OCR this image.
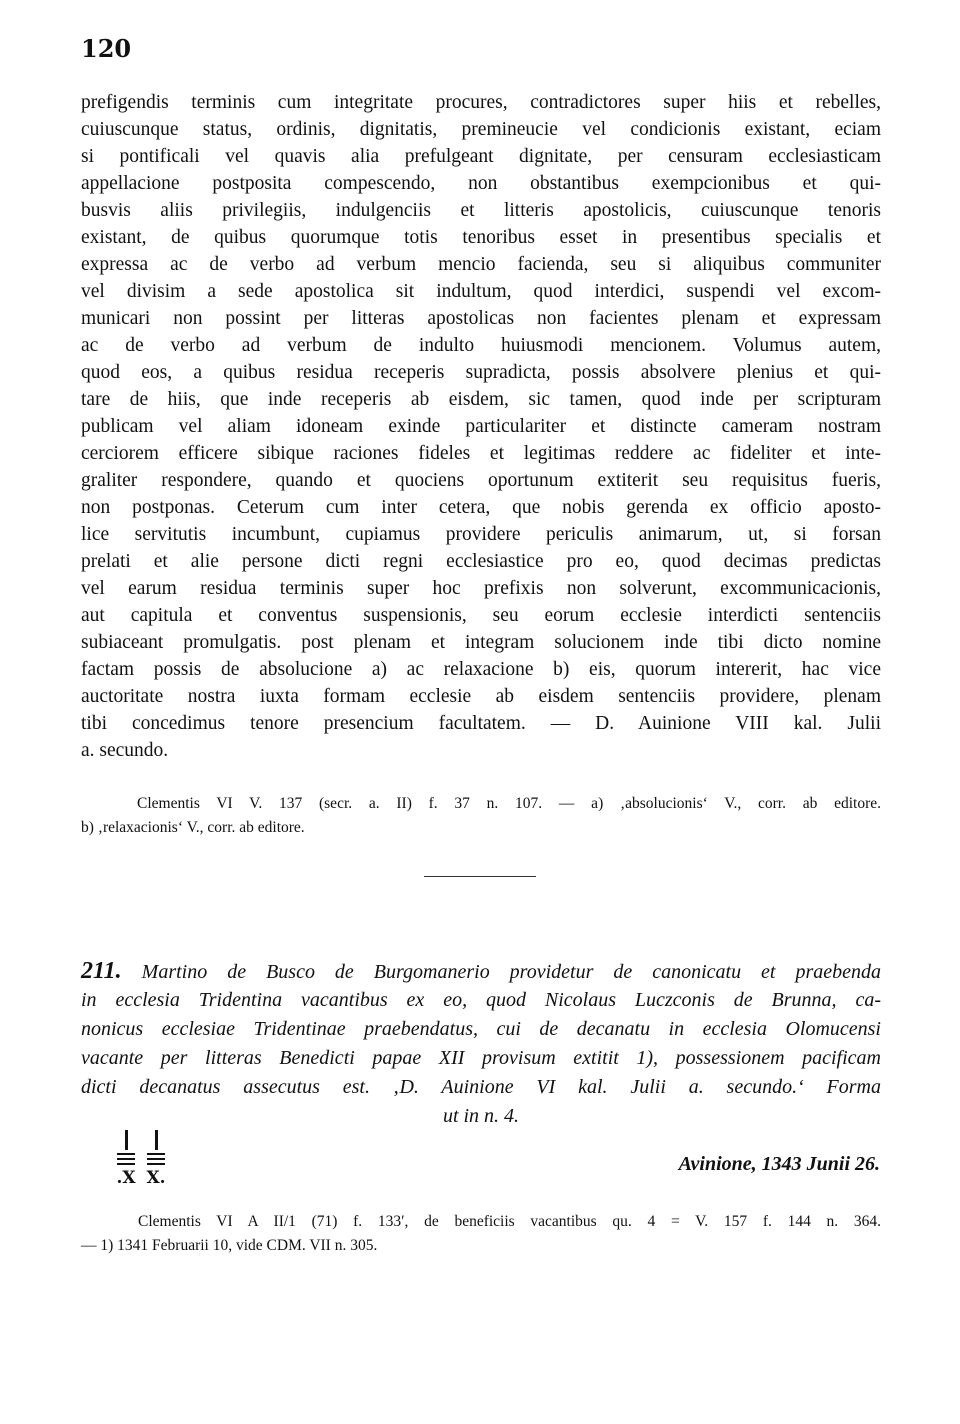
1​20
prefigendis terminis cum integritate procures, contradictores super hiis et rebelles,
cuiuscunque status, ordinis, dignitatis, premineucie vel condicionis existant, eciam
si pontificali vel quavis alia prefulgeant dignitate, per censuram ecclesiasticam
appellacione postposita compescendo, non obstantibus exempcionibus et qui-
busvis aliis privilegiis, indulgenciis et litteris apostolicis, cuiuscunque tenoris
existant, de quibus quorumque totis tenoribus esset in presentibus specialis et
expressa ac de verbo ad verbum mencio facienda, seu si aliquibus communiter
vel divisim a sede apostolica sit indultum, quod interdici, suspendi vel excom-
municari non possint per litteras apostolicas non facientes plenam et expressam
ac de verbo ad verbum de indulto huiusmodi mencionem. Volumus autem,
quod eos, a quibus residua receperis supradicta, possis absolvere plenius et qui-
tare de hiis, que inde receperis ab eisdem, sic tamen, quod inde per scripturam
publicam vel aliam idoneam exinde particulariter et distincte cameram nostram
cerciorem efficere sibique raciones fideles et legitimas reddere ac fideliter et inte-
graliter respondere, quando et quociens oportunum extiterit seu requisitus fueris,
non postponas. Ceterum cum inter cetera, que nobis gerenda ex officio aposto-
lice servitutis incumbunt, cupiamus providere periculis animarum, ut, si forsan
prelati et alie persone dicti regni ecclesiastice pro eo, quod decimas predictas
vel earum residua terminis super hoc prefixis non solverunt, excommunicacionis,
aut capitula et conventus suspensionis, seu eorum ecclesie interdicti sentenciis
subiaceant promulgatis. post plenam et integram solucionem inde tibi dicto nomine
factam possis de absolucione a) ac relaxacione b) eis, quorum intererit, hac vice
auctoritate nostra iuxta formam ecclesie ab eisdem sentenciis providere, plenam
tibi concedimus tenore presencium facultatem. — D. Auinione VIII kal. Julii
a. secundo.
Clementis VI V. 137 (secr. a. II) f. 37 n. 107. — a) ‚absolucionis‘ V., corr. ab editore.
b) ‚relaxacionis‘ V., corr. ab editore.
211. Martino de Busco de Burgomanerio providetur de canonicatu et praebenda
in ecclesia Tridentina vacantibus ex eo, quod Nicolaus Luczconis de Brunna, ca-
nonicus ecclesiae Tridentinae praebendatus, cui de decanatu in ecclesia Olomucensi
vacante per litteras Benedicti papae XII provisum extitit 1), possessionem pacificam
dicti decanatus assecutus est. ‚D. Auinione VI kal. Julii a. secundo.‘ Forma
ut in n. 4.
.X X.
Avinione, 1343 Junii 26.
Clementis VI A II/1 (71) f. 133′, de beneficiis vacantibus qu. 4 = V. 157 f. 144 n. 364.
— 1) 1341 Februarii 10, vide CDM. VII n. 305.
